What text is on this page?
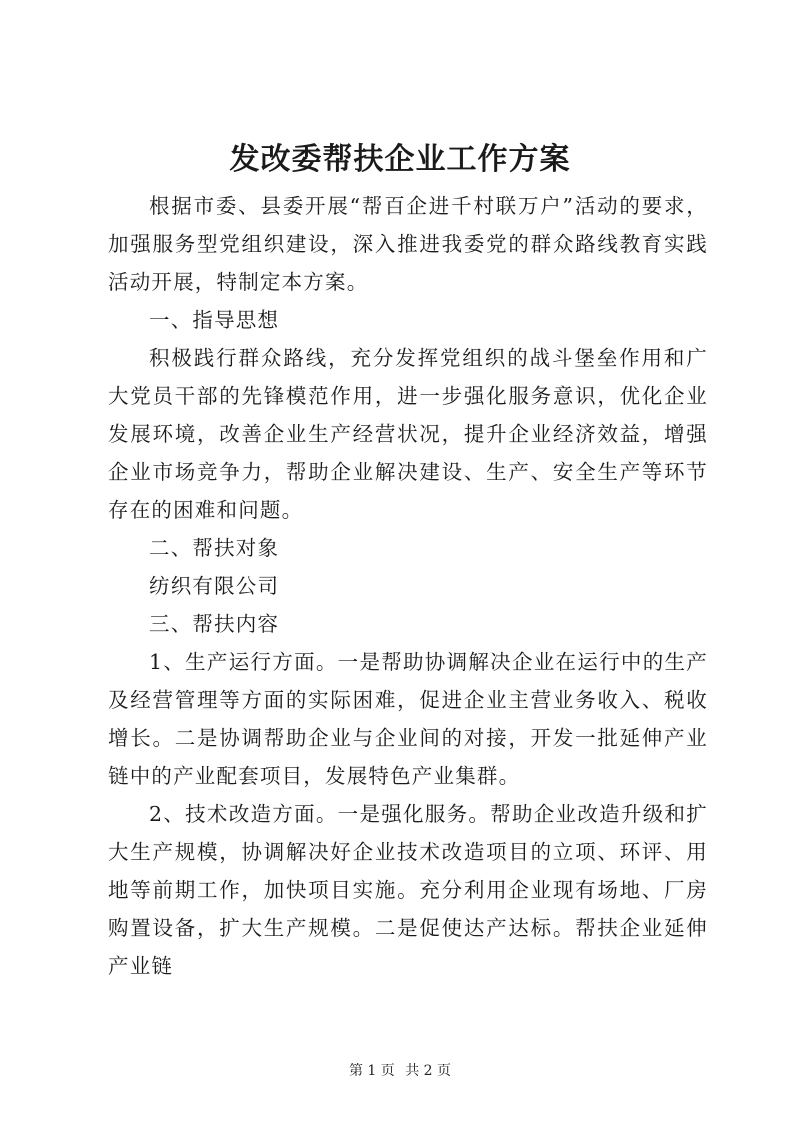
发改委帮扶企业工作方案

根据市委、县委开展“帮百企进千村联万户”活动的要求，加强服务型党组织建设，深入推进我委党的群众路线教育实践活动开展，特制定本方案。

一、指导思想

积极践行群众路线，充分发挥党组织的战斗堡垒作用和广大党员干部的先锋模范作用，进一步强化服务意识，优化企业发展环境，改善企业生产经营状况，提升企业经济效益，增强企业市场竞争力，帮助企业解决建设、生产、安全生产等环节存在的困难和问题。

二、帮扶对象

纺织有限公司

三、帮扶内容

1、生产运行方面。一是帮助协调解决企业在运行中的生产及经营管理等方面的实际困难，促进企业主营业务收入、税收增长。二是协调帮助企业与企业间的对接，开发一批延伸产业链中的产业配套项目，发展特色产业集群。

2、技术改造方面。一是强化服务。帮助企业改造升级和扩大生产规模，协调解决好企业技术改造项目的立项、环评、用地等前期工作，加快项目实施。充分利用企业现有场地、厂房购置设备，扩大生产规模。二是促使达产达标。帮扶企业延伸产业链

第 1 页 共 2 页
